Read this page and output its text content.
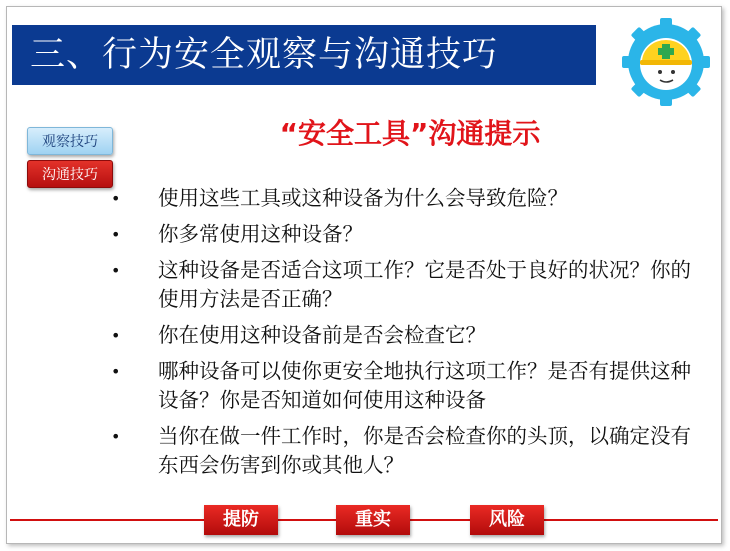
三、行为安全观察与沟通技巧
“安全工具”沟通提示
观察技巧
沟通技巧
• 使用这些工具或这种设备为什么会导致危险？
• 你多常使用这种设备？
• 这种设备是否适合这项工作？它是否处于良好的状况？你的使用方法是否正确？
• 你在使用这种设备前是否会检查它？
• 哪种设备可以使你更安全地执行这项工作？是否有提供这种设备？你是否知道如何使用这种设备
• 当你在做一件工作时，你是否会检查你的头顶，以确定没有东西会伤害到你或其他人？
提防	重实	风险
